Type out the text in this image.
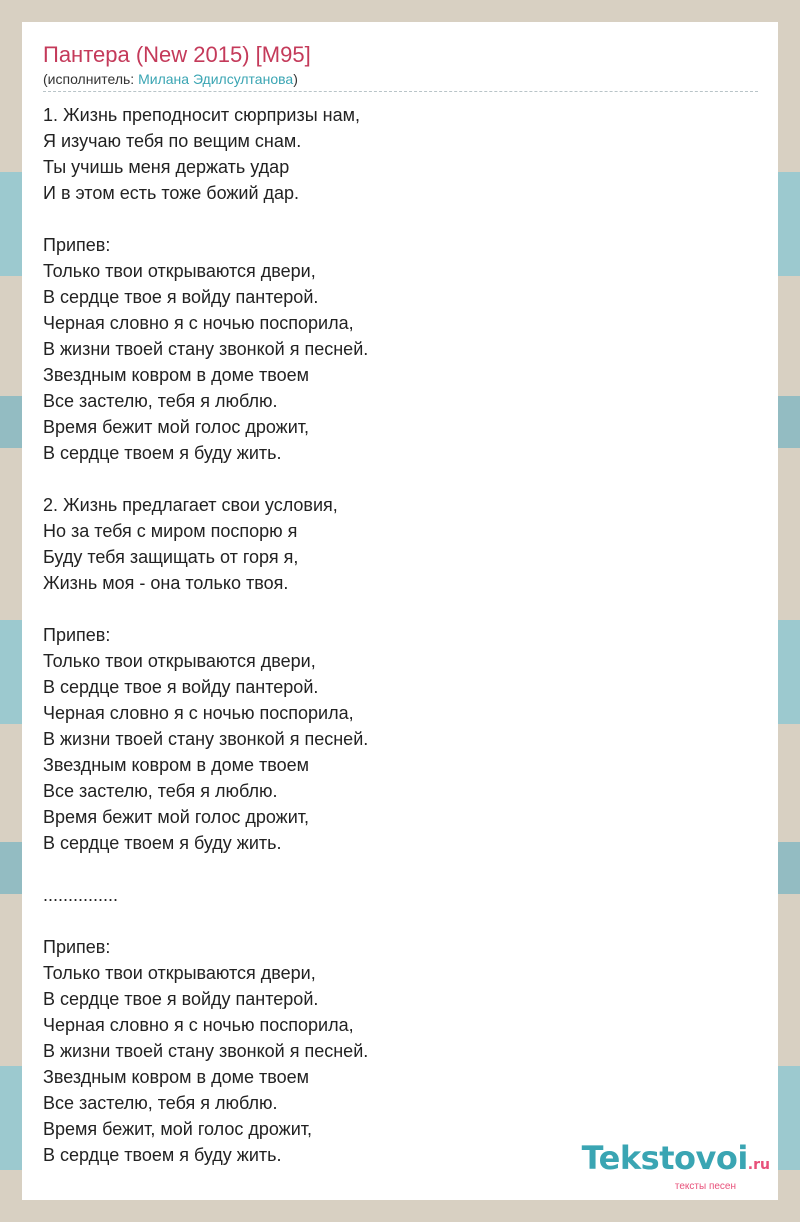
Пантера (New 2015) [M95]
(исполнитель: Милана Эдилсултанова)
1. Жизнь преподносит сюрпризы нам,
Я изучаю тебя по вещим снам.
Ты учишь меня держать удар
И в этом есть тоже божий дар.
Припев:
Только твои открываются двери,
В сердце твое я войду пантерой.
Черная словно я с ночью поспорила,
В жизни твоей стану звонкой я песней.
Звездным ковром в доме твоем
Все застелю, тебя я люблю.
Время бежит мой голос дрожит,
В сердце твоем я буду жить.
2. Жизнь предлагает свои условия,
Но за тебя с миром поспорю я
Буду тебя защищать от горя я,
Жизнь моя - она только твоя.
Припев:
Только твои открываются двери,
В сердце твое я войду пантерой.
Черная словно я с ночью поспорила,
В жизни твоей стану звонкой я песней.
Звездным ковром в доме твоем
Все застелю, тебя я люблю.
Время бежит мой голос дрожит,
В сердце твоем я буду жить.
...............
Припев:
Только твои открываются двери,
В сердце твое я войду пантерой.
Черная словно я с ночью поспорила,
В жизни твоей стану звонкой я песней.
Звездным ковром в доме твоем
Все застелю, тебя я люблю.
Время бежит, мой голос дрожит,
В сердце твоем я буду жить.	Tekstovoi.ru
тексты песен
